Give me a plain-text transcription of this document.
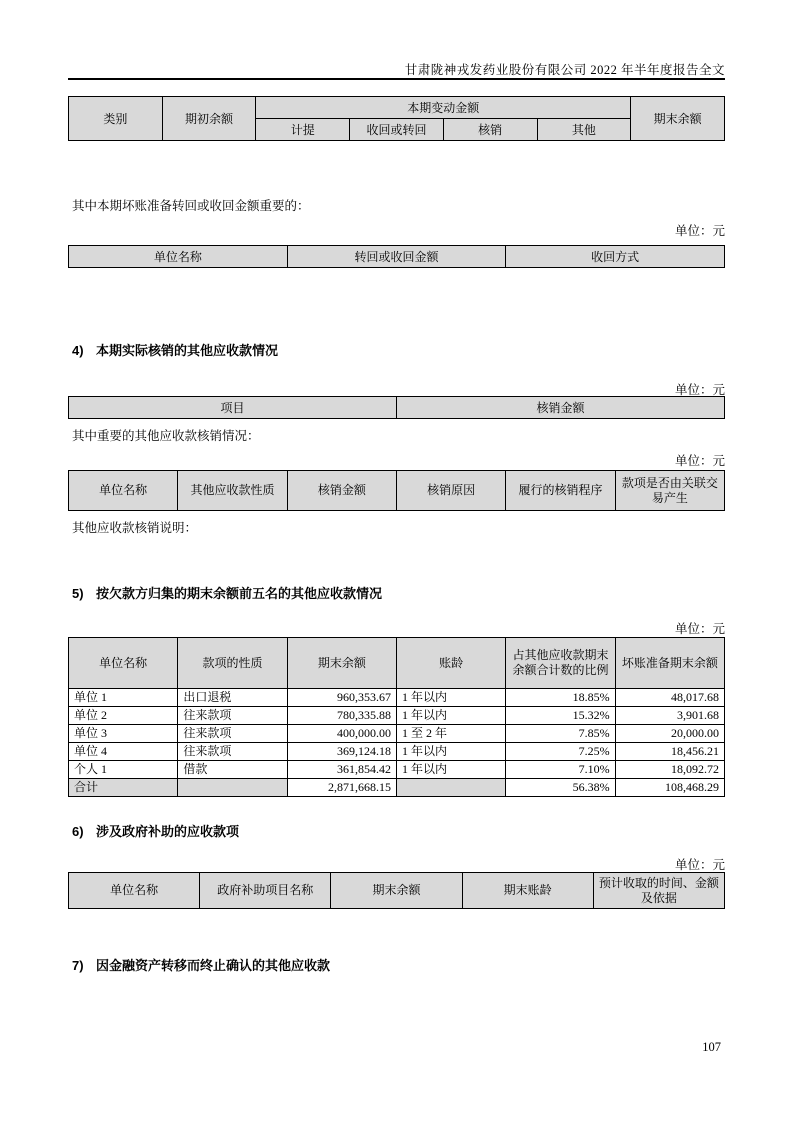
甘肃陇神戎发药业股份有限公司 2022 年半年度报告全文
类别	期初余额	本期变动金额				期末余额
		计提	收回或转回	核销	其他	
其中本期坏账准备转回或收回金额重要的：
单位：元
单位名称	转回或收回金额	收回方式
4) 本期实际核销的其他应收款情况
单位：元
项目	核销金额
其中重要的其他应收款核销情况：
单位：元
单位名称	其他应收款性质	核销金额	核销原因	履行的核销程序	款项是否由关联交易产生
其他应收款核销说明：
5) 按欠款方归集的期末余额前五名的其他应收款情况
单位：元
单位名称	款项的性质	期末余额	账龄	占其他应收款期末余额合计数的比例	坏账准备期末余额
单位 1	出口退税	960,353.67	1 年以内	18.85%	48,017.68
单位 2	往来款项	780,335.88	1 年以内	15.32%	3,901.68
单位 3	往来款项	400,000.00	1 至 2 年	7.85%	20,000.00
单位 4	往来款项	369,124.18	1 年以内	7.25%	18,456.21
个人 1	借款	361,854.42	1 年以内	7.10%	18,092.72
合计		2,871,668.15		56.38%	108,468.29
6) 涉及政府补助的应收款项
单位：元
单位名称	政府补助项目名称	期末余额	期末账龄	预计收取的时间、金额及依据
7) 因金融资产转移而终止确认的其他应收款
107
